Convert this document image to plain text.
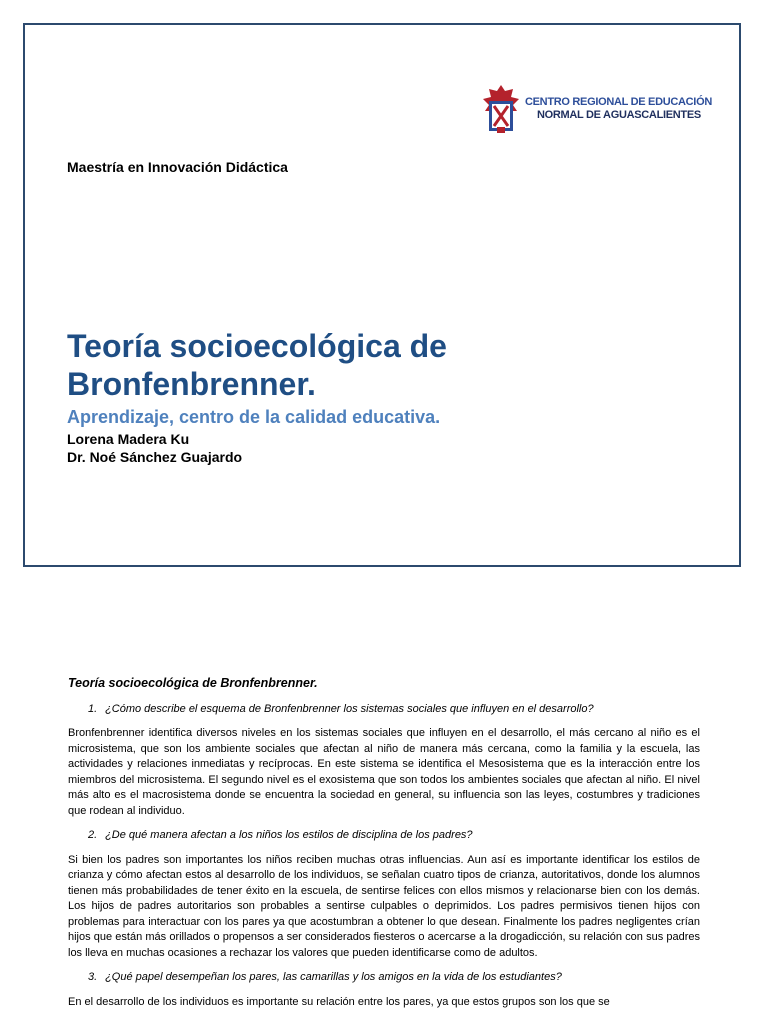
CENTRO REGIONAL DE EDUCACIÓN
NORMAL DE AGUASCALIENTES
Maestría en Innovación Didáctica
Teoría socioecológica de Bronfenbrenner.
Aprendizaje, centro de la calidad educativa.
Lorena Madera Ku
Dr. Noé Sánchez Guajardo
Teoría socioecológica de Bronfenbrenner.
1. ¿Cómo describe el esquema de Bronfenbrenner los sistemas sociales que influyen en el desarrollo?
Bronfenbrenner identifica diversos niveles en los sistemas sociales que influyen en el desarrollo, el más cercano al niño es el microsistema, que son los ambiente sociales que afectan al niño de manera más cercana, como la familia y la escuela, las actividades y relaciones inmediatas y recíprocas. En este sistema se identifica el Mesosistema que es la interacción entre los miembros del microsistema. El segundo nivel es el exosistema que son todos los ambientes sociales que afectan al niño. El nivel más alto es el macrosistema donde se encuentra la sociedad en general, su influencia son las leyes, costumbres y tradiciones que rodean al individuo.
2. ¿De qué manera afectan a los niños los estilos de disciplina de los padres?
Si bien los padres son importantes los niños reciben muchas otras influencias. Aun así es importante identificar los estilos de crianza y cómo afectan estos al desarrollo de los individuos, se señalan cuatro tipos de crianza, autoritativos, donde los alumnos tienen más probabilidades de tener éxito en la escuela, de sentirse felices con ellos mismos y relacionarse bien con los demás. Los hijos de padres autoritarios son probables a sentirse culpables o deprimidos. Los padres permisivos tienen hijos con problemas para interactuar con los pares ya que acostumbran a obtener lo que desean. Finalmente los padres negligentes crían hijos que están más orillados o propensos a ser considerados fiesteros o acercarse a la drogadicción, su relación con sus padres los lleva en muchas ocasiones a rechazar los valores que pueden identificarse como de adultos.
3. ¿Qué papel desempeñan los pares, las camarillas y los amigos en la vida de los estudiantes?
En el desarrollo de los individuos es importante su relación entre los pares, ya que estos grupos son los que se
